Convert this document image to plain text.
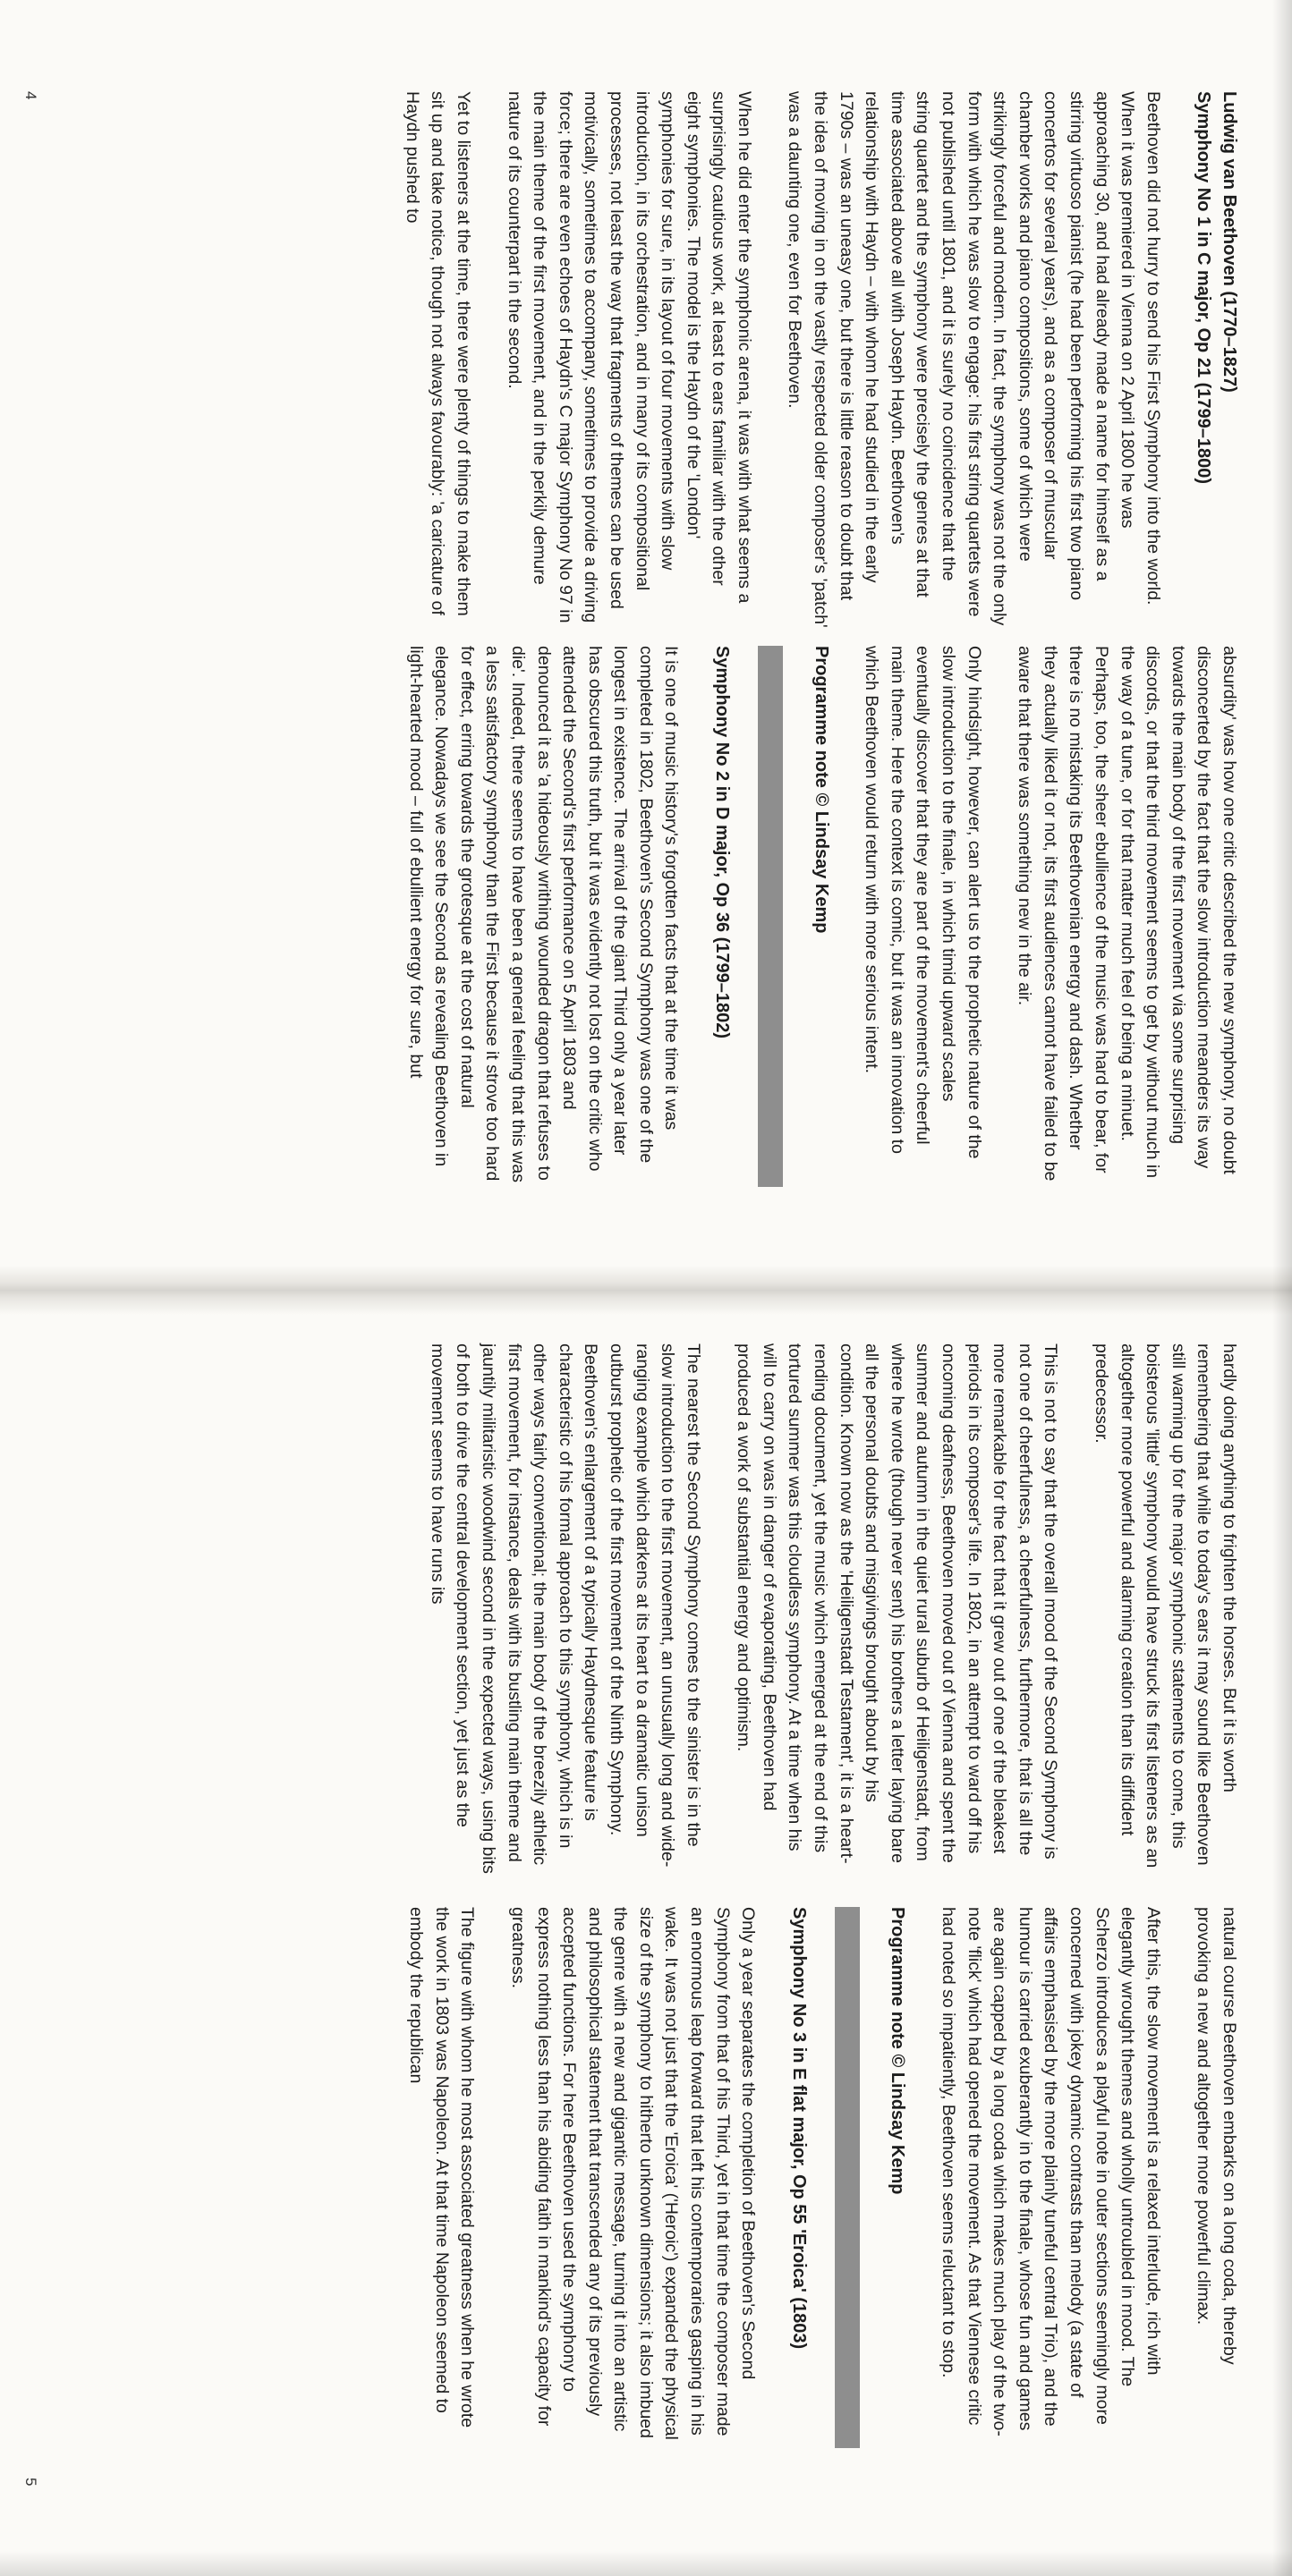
4	Ludwig van Beethoven (1770–1827)
Symphony No 1 in C major, Op 21 (1799–1800)

Beethoven did not hurry to send his First Symphony into the world. When it was premiered in Vienna on 2 April 1800 he was approaching 30, and had already made a name for himself as a stirring virtuoso pianist (he had been performing his first two piano concertos for several years), and as a composer of muscular chamber works and piano compositions, some of which were strikingly forceful and modern. In fact, the symphony was not the only form with which he was slow to engage: his first string quartets were not published until 1801, and it is surely no coincidence that the string quartet and the symphony were precisely the genres at that time associated above all with Joseph Haydn. Beethoven's relationship with Haydn – with whom he had studied in the early 1790s – was an uneasy one, but there is little reason to doubt that the idea of moving in on the vastly respected older composer's 'patch' was a daunting one, even for Beethoven.

When he did enter the symphonic arena, it was with what seems a surprisingly cautious work, at least to ears familiar with the other eight symphonies. The model is the Haydn of the 'London' symphonies for sure, in its layout of four movements with slow introduction, in its orchestration, and in many of its compositional processes, not least the way that fragments of themes can be used motivically, sometimes to accompany, sometimes to provide a driving force; there are even echoes of Haydn's C major Symphony No 97 in the main theme of the first movement, and in the perkily demure nature of its counterpart in the second.

Yet to listeners at the time, there were plenty of things to make them sit up and take notice, though not always favourably: 'a caricature of Haydn pushed to

absurdity' was how one critic described the new symphony, no doubt disconcerted by the fact that the slow introduction meanders its way towards the main body of the first movement via some surprising discords, or that the third movement seems to get by without much in the way of a tune, or for that matter much feel of being a minuet. Perhaps, too, the sheer ebullience of the music was hard to bear, for there is no mistaking its Beethovenian energy and dash. Whether they actually liked it or not, its first audiences cannot have failed to be aware that there was something new in the air.

Only hindsight, however, can alert us to the prophetic nature of the slow introduction to the finale, in which timid upward scales eventually discover that they are part of the movement's cheerful main theme. Here the context is comic, but it was an innovation to which Beethoven would return with more serious intent.

Programme note © Lindsay Kemp
Symphony No 2 in D major, Op 36 (1799–1802)

It is one of music history's forgotten facts that at the time it was completed in 1802, Beethoven's Second Symphony was one of the longest in existence. The arrival of the giant Third only a year later has obscured this truth, but it was evidently not lost on the critic who attended the Second's first performance on 5 April 1803 and denounced it as 'a hideously writhing wounded dragon that refuses to die'. Indeed, there seems to have been a general feeling that this was a less satisfactory symphony than the First because it strove too hard for effect, erring towards the grotesque at the cost of natural elegance. Nowadays we see the Second as revealing Beethoven in light-hearted mood – full of ebullient energy for sure, but

5

hardly doing anything to frighten the horses. But it is worth remembering that while to today's ears it may sound like Beethoven still warming up for the major symphonic statements to come, this boisterous 'little' symphony would have struck its first listeners as an altogether more powerful and alarming creation than its diffident predecessor.

This is not to say that the overall mood of the Second Symphony is not one of cheerfulness, a cheerfulness, furthermore, that is all the more remarkable for the fact that it grew out of one of the bleakest periods in its composer's life. In 1802, in an attempt to ward off his oncoming deafness, Beethoven moved out of Vienna and spent the summer and autumn in the quiet rural suburb of Heiligenstadt, from where he wrote (though never sent) his brothers a letter laying bare all the personal doubts and misgivings brought about by his condition. Known now as the 'Heiligenstadt Testament', it is a heart-rending document, yet the music which emerged at the end of this tortured summer was this cloudless symphony. At a time when his will to carry on was in danger of evaporating, Beethoven had produced a work of substantial energy and optimism.

The nearest the Second Symphony comes to the sinister is in the slow introduction to the first movement, an unusually long and wide-ranging example which darkens at its heart to a dramatic unison outburst prophetic of the first movement of the Ninth Symphony. Beethoven's enlargement of a typically Haydnesque feature is characteristic of his formal approach to this symphony, which is in other ways fairly conventional; the main body of the breezily athletic first movement, for instance, deals with its bustling main theme and jauntily militaristic woodwind second in the expected ways, using bits of both to drive the central development section, yet just as the movement seems to have runs its

natural course Beethoven embarks on a long coda, thereby provoking a new and altogether more powerful climax.

After this, the slow movement is a relaxed interlude, rich with elegantly wrought themes and wholly untroubled in mood. The Scherzo introduces a playful note in outer sections seemingly more concerned with jokey dynamic contrasts than melody (a state of affairs emphasised by the more plainly tuneful central Trio), and the humour is carried exuberantly in to the finale, whose fun and games are again capped by a long coda which makes much play of the two-note 'flick' which had opened the movement. As that Viennese critic had noted so impatiently, Beethoven seems reluctant to stop.

Programme note © Lindsay Kemp
Symphony No 3 in E flat major, Op 55 'Eroica' (1803)

Only a year separates the completion of Beethoven's Second Symphony from that of his Third, yet in that time the composer made an enormous leap forward that left his contemporaries gasping in his wake. It was not just that the 'Eroica' ('Heroic') expanded the physical size of the symphony to hitherto unknown dimensions; it also imbued the genre with a new and gigantic message, turning it into an artistic and philosophical statement that transcended any of its previously accepted functions. For here Beethoven used the symphony to express nothing less than his abiding faith in mankind's capacity for greatness.

The figure with whom he most associated greatness when he wrote the work in 1803 was Napoleon. At that time Napoleon seemed to embody the republican
